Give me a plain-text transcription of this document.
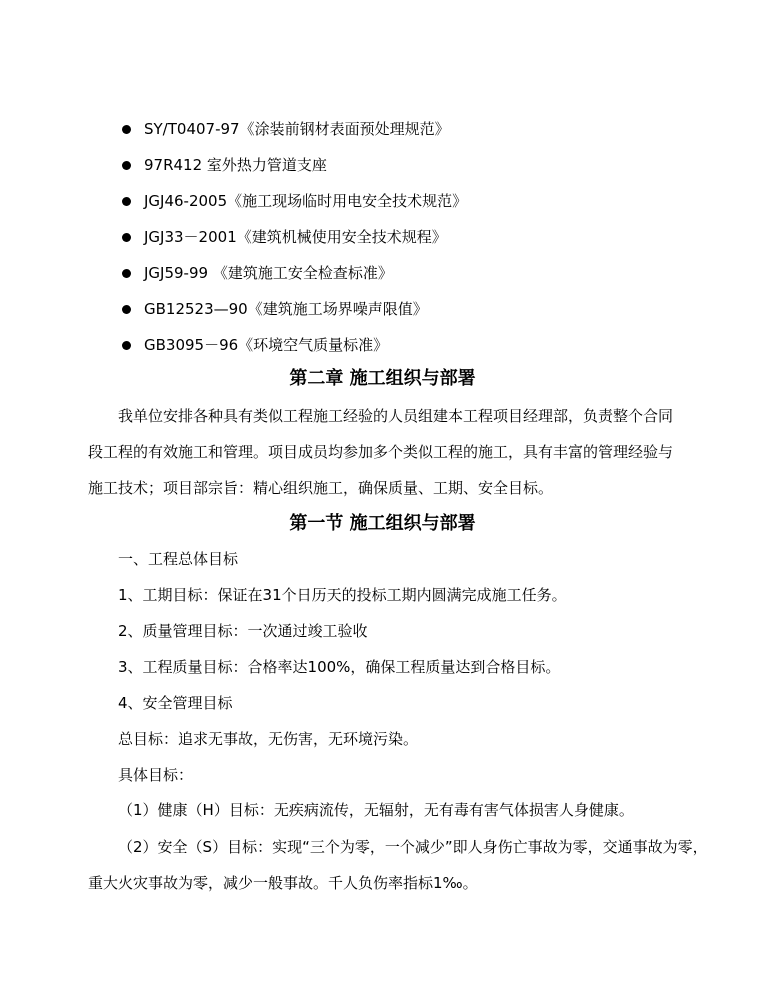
SY/T0407-97《涂装前钢材表面预处理规范》
97R412 室外热力管道支座
JGJ46-2005《施工现场临时用电安全技术规范》
JGJ33－2001《建筑机械使用安全技术规程》
JGJ59-99 《建筑施工安全检查标准》
GB12523—90《建筑施工场界噪声限值》
GB3095－96《环境空气质量标准》
第二章 施工组织与部署
我单位安排各种具有类似工程施工经验的人员组建本工程项目经理部，负责整个合同
段工程的有效施工和管理。项目成员均参加多个类似工程的施工，具有丰富的管理经验与
施工技术；项目部宗旨：精心组织施工，确保质量、工期、安全目标。
第一节 施工组织与部署
一、工程总体目标
1、工期目标：保证在31个日历天的投标工期内圆满完成施工任务。
2、质量管理目标：一次通过竣工验收
3、工程质量目标：合格率达100%，确保工程质量达到合格目标。
4、安全管理目标
总目标：追求无事故，无伤害，无环境污染。
具体目标：
（1）健康（H）目标：无疾病流传，无辐射，无有毒有害气体损害人身健康。
（2）安全（S）目标：实现“三个为零，一个减少”即人身伤亡事故为零，交通事故为零，
重大火灾事故为零，减少一般事故。千人负伤率指标1‰。
